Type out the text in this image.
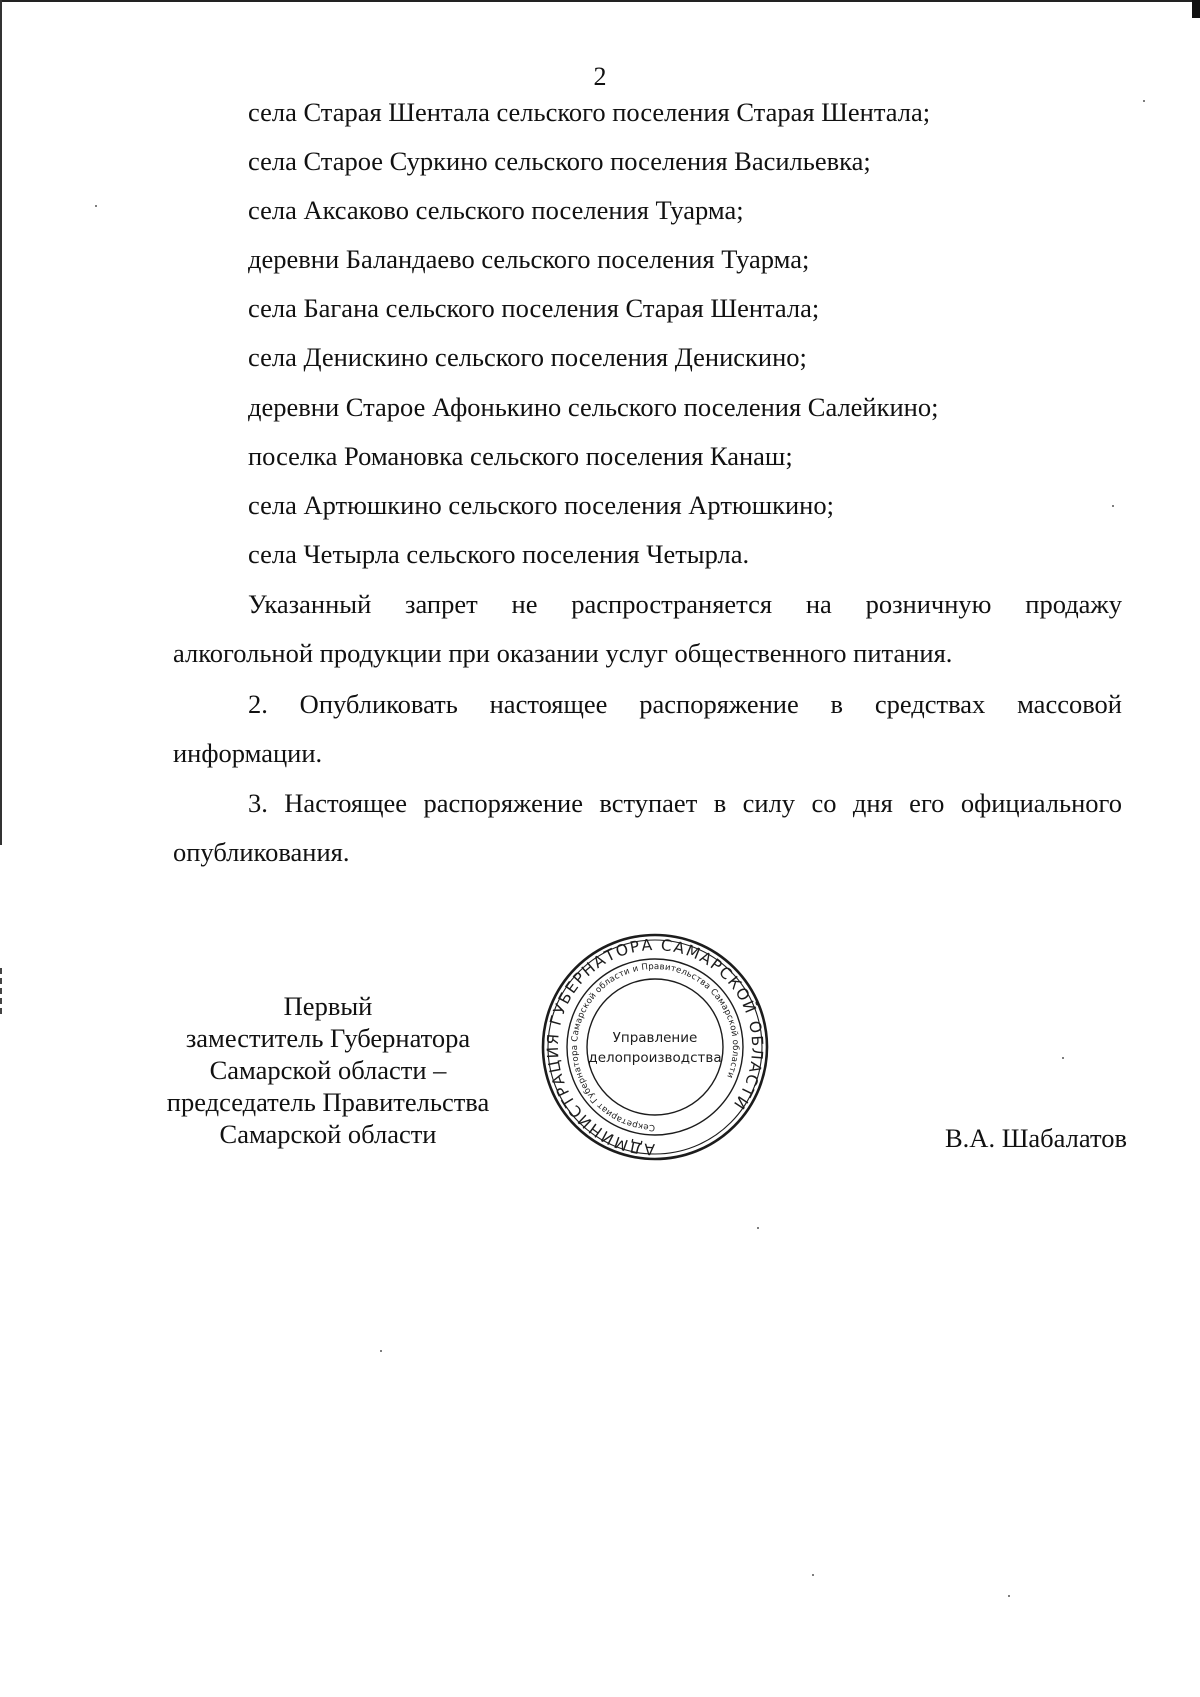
2
села Старая Шентала сельского поселения Старая Шентала;
села Старое Суркино сельского поселения Васильевка;
села Аксаково сельского поселения Туарма;
деревни Баландаево сельского поселения Туарма;
села Багана сельского поселения Старая Шентала;
села Денискино сельского поселения Денискино;
деревни Старое Афонькино сельского поселения Салейкино;
поселка Романовка сельского поселения Канаш;
села Артюшкино сельского поселения Артюшкино;
села Четырла сельского поселения Четырла.
Указанный запрет не распространяется на розничную продажу
алкогольной продукции при оказании услуг общественного питания.
2. Опубликовать настоящее распоряжение в средствах массовой
информации.
3. Настоящее распоряжение вступает в силу со дня его официального
опубликования.
Первый
заместитель Губернатора
Самарской области –
председатель Правительства
Самарской области	АДМИНИСТРАЦИЯ ГУБЕРНАТОРА САМАРСКОЙ ОБЛАСТИ
Секретариат Губернатора Самарской области и Правительства Самарской области
Управление
делопроизводства
В.А. Шабалатов
